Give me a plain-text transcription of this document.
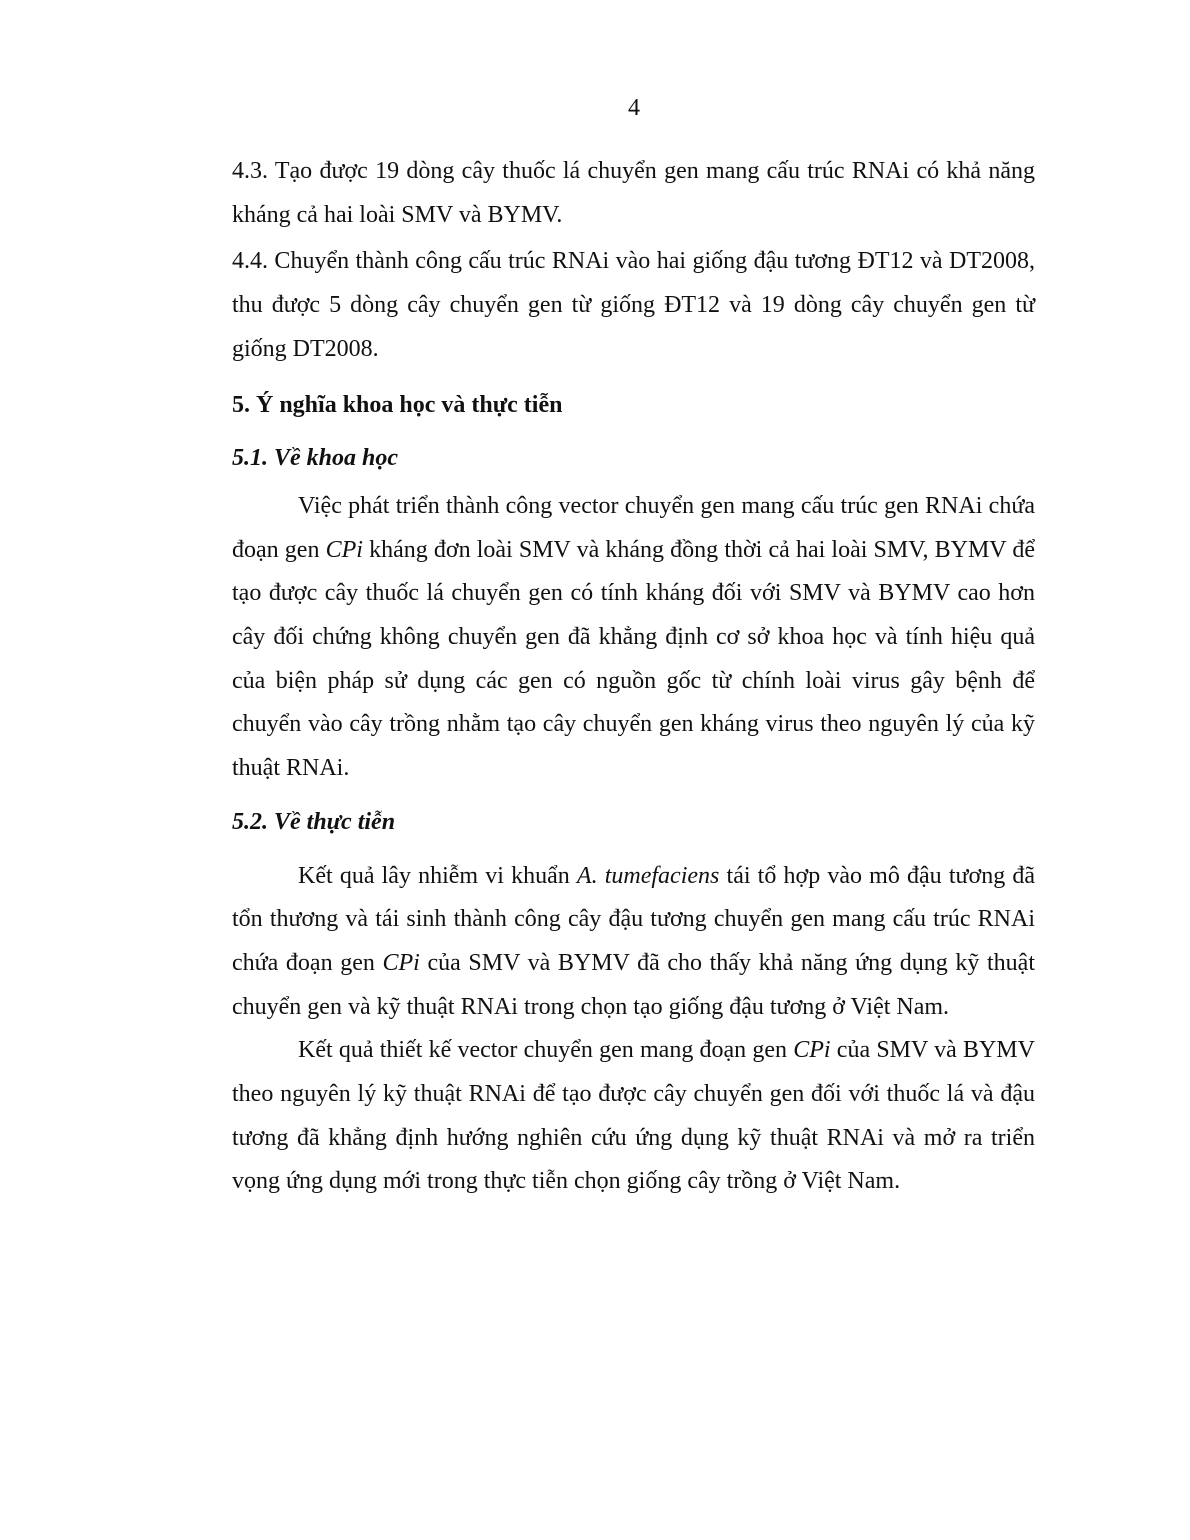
4

4.3. Tạo được 19 dòng cây thuốc lá chuyển gen mang cấu trúc RNAi có khả năng kháng cả hai loài SMV và BYMV.

4.4. Chuyển thành công cấu trúc RNAi vào hai giống đậu tương ĐT12 và DT2008, thu được 5 dòng cây chuyển gen từ giống ĐT12 và 19 dòng cây chuyển gen từ giống DT2008.

5. Ý nghĩa khoa học và thực tiễn
5.1. Về khoa học

Việc phát triển thành công vector chuyển gen mang cấu trúc gen RNAi chứa đoạn gen CPi kháng đơn loài SMV và kháng đồng thời cả hai loài SMV, BYMV để tạo được cây thuốc lá chuyển gen có tính kháng đối với SMV và BYMV cao hơn cây đối chứng không chuyển gen đã khẳng định cơ sở khoa học và tính hiệu quả của biện pháp sử dụng các gen có nguồn gốc từ chính loài virus gây bệnh để chuyển vào cây trồng nhằm tạo cây chuyển gen kháng virus theo nguyên lý của kỹ thuật RNAi.

5.2. Về thực tiễn

Kết quả lây nhiễm vi khuẩn A. tumefaciens tái tổ hợp vào mô đậu tương đã tổn thương và tái sinh thành công cây đậu tương chuyển gen mang cấu trúc RNAi chứa đoạn gen CPi của SMV và BYMV đã cho thấy khả năng ứng dụng kỹ thuật chuyển gen và kỹ thuật RNAi trong chọn tạo giống đậu tương ở Việt Nam.

Kết quả thiết kế vector chuyển gen mang đoạn gen CPi của SMV và BYMV theo nguyên lý kỹ thuật RNAi để tạo được cây chuyển gen đối với thuốc lá và đậu tương đã khẳng định hướng nghiên cứu ứng dụng kỹ thuật RNAi và mở ra triển vọng ứng dụng mới trong thực tiễn chọn giống cây trồng ở Việt Nam.
